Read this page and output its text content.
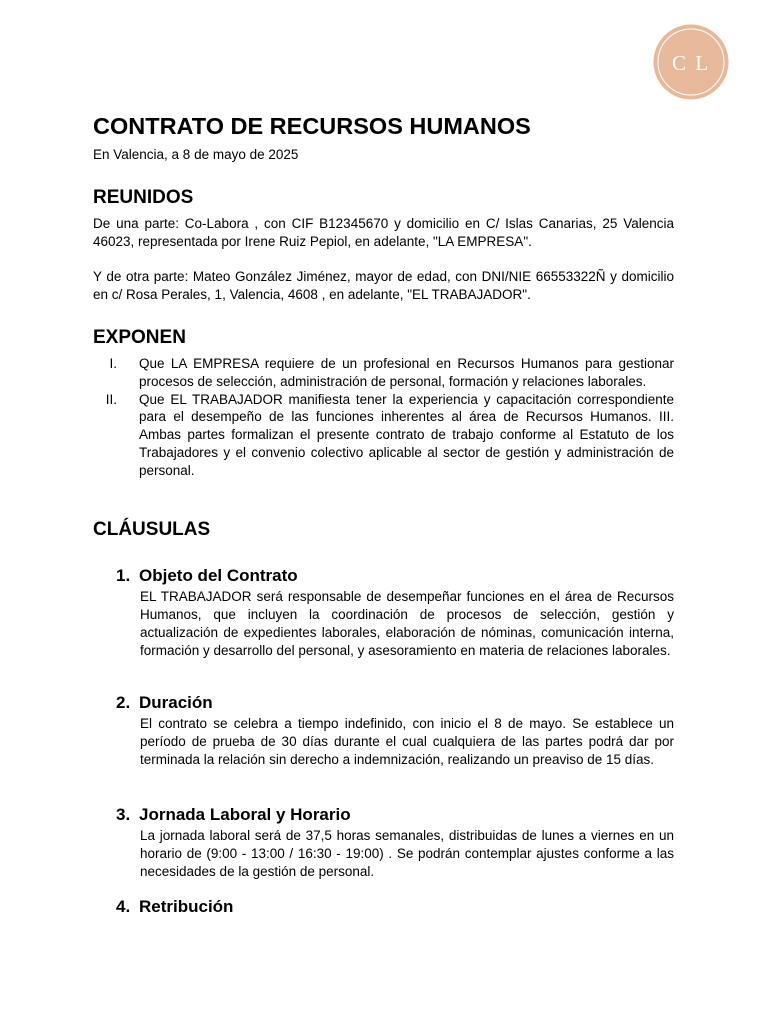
C L
CONTRATO DE RECURSOS HUMANOS
En Valencia, a 8 de mayo de 2025
REUNIDOS

De una parte: Co-Labora , con CIF B12345670 y domicilio en C/ Islas Canarias, 25 Valencia 46023, representada por Irene Ruiz Pepiol, en adelante, "LA EMPRESA".

Y de otra parte: Mateo González Jiménez, mayor de edad, con DNI/NIE 66553322Ñ y domicilio en c/ Rosa Perales, 1, Valencia, 4608 , en adelante, "EL TRABAJADOR".

EXPONEN
I. Que LA EMPRESA requiere de un profesional en Recursos Humanos para gestionar procesos de selección, administración de personal, formación y relaciones laborales.
II. Que EL TRABAJADOR manifiesta tener la experiencia y capacitación correspondiente para el desempeño de las funciones inherentes al área de Recursos Humanos. III. Ambas partes formalizan el presente contrato de trabajo conforme al Estatuto de los Trabajadores y el convenio colectivo aplicable al sector de gestión y administración de personal.
CLÁUSULAS
1. Objeto del Contrato

EL TRABAJADOR será responsable de desempeñar funciones en el área de Recursos Humanos, que incluyen la coordinación de procesos de selección, gestión y actualización de expedientes laborales, elaboración de nóminas, comunicación interna, formación y desarrollo del personal, y asesoramiento en materia de relaciones laborales.

2. Duración

El contrato se celebra a tiempo indefinido, con inicio el 8 de mayo. Se establece un período de prueba de 30 días durante el cual cualquiera de las partes podrá dar por terminada la relación sin derecho a indemnización, realizando un preaviso de 15 días.

3. Jornada Laboral y Horario

La jornada laboral será de 37,5 horas semanales, distribuidas de lunes a viernes en un horario de (9:00 - 13:00 / 16:30 - 19:00) . Se podrán contemplar ajustes conforme a las necesidades de la gestión de personal.

4. Retribución
